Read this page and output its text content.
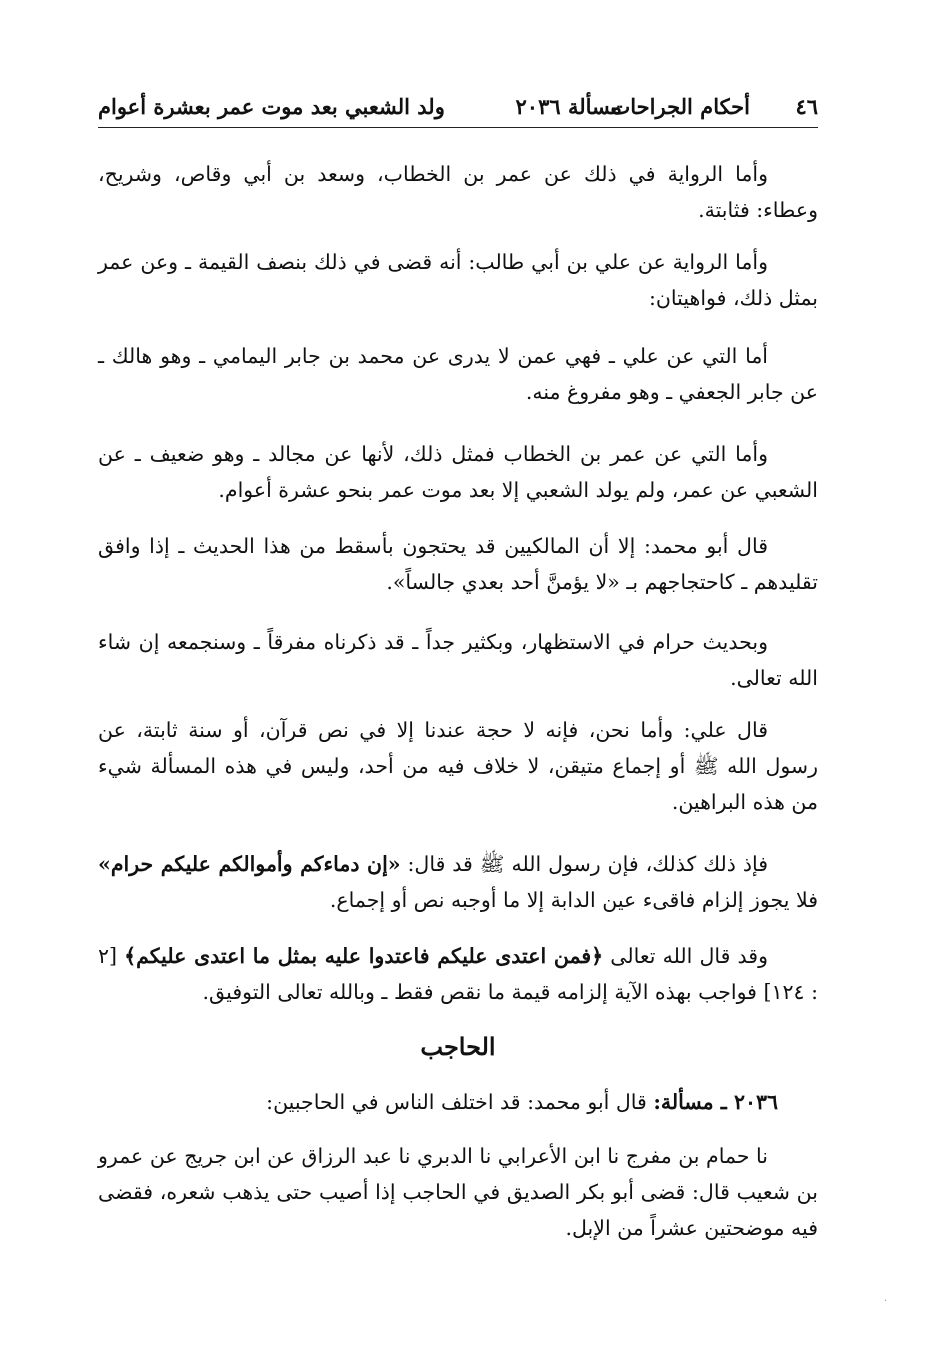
٤٦
أحكام الجراحات
مسألة ٢٠٣٦
ولد الشعبي بعد موت عمر بعشرة أعوام
وأما الرواية في ذلك عن عمر بن الخطاب، وسعد بن أبي وقاص، وشريح، وعطاء: فثابتة.
وأما الرواية عن علي بن أبي طالب: أنه قضى في ذلك بنصف القيمة ـ وعن عمر بمثل ذلك، فواهيتان:
أما التي عن علي ـ فهي عمن لا يدرى عن محمد بن جابر اليمامي ـ وهو هالك ـ عن جابر الجعفي ـ وهو مفروغ منه.
وأما التي عن عمر بن الخطاب فمثل ذلك، لأنها عن مجالد ـ وهو ضعيف ـ عن الشعبي عن عمر، ولم يولد الشعبي إلا بعد موت عمر بنحو عشرة أعوام.
قال أبو محمد: إلا أن المالكيين قد يحتجون بأسقط من هذا الحديث ـ إذا وافق تقليدهم ـ كاحتجاجهم بـ «لا يؤمنَّ أحد بعدي جالساً».
وبحديث حرام في الاستظهار، وبكثير جداً ـ قد ذكرناه مفرقاً ـ وسنجمعه إن شاء الله تعالى.
قال علي: وأما نحن، فإنه لا حجة عندنا إلا في نص قرآن، أو سنة ثابتة، عن رسول الله ﷺ أو إجماع متيقن، لا خلاف فيه من أحد، وليس في هذه المسألة شيء من هذه البراهين.
فإذ ذلك كذلك، فإن رسول الله ﷺ قد قال: «إن دماءكم وأموالكم عليكم حرام» فلا يجوز إلزام فاقىء عين الدابة إلا ما أوجبه نص أو إجماع.
وقد قال الله تعالى ﴿فمن اعتدى عليكم فاعتدوا عليه بمثل ما اعتدى عليكم﴾ [٢ : ١٢٤] فواجب بهذه الآية إلزامه قيمة ما نقص فقط ـ وبالله تعالى التوفيق.
الحاجب
٢٠٣٦ ـ مسألة: قال أبو محمد: قد اختلف الناس في الحاجبين:
نا حمام بن مفرج نا ابن الأعرابي نا الدبري نا عبد الرزاق عن ابن جريج عن عمرو بن شعيب قال: قضى أبو بكر الصديق في الحاجب إذا أصيب حتى يذهب شعره، فقضى فيه موضحتين عشراً من الإبل.
·
